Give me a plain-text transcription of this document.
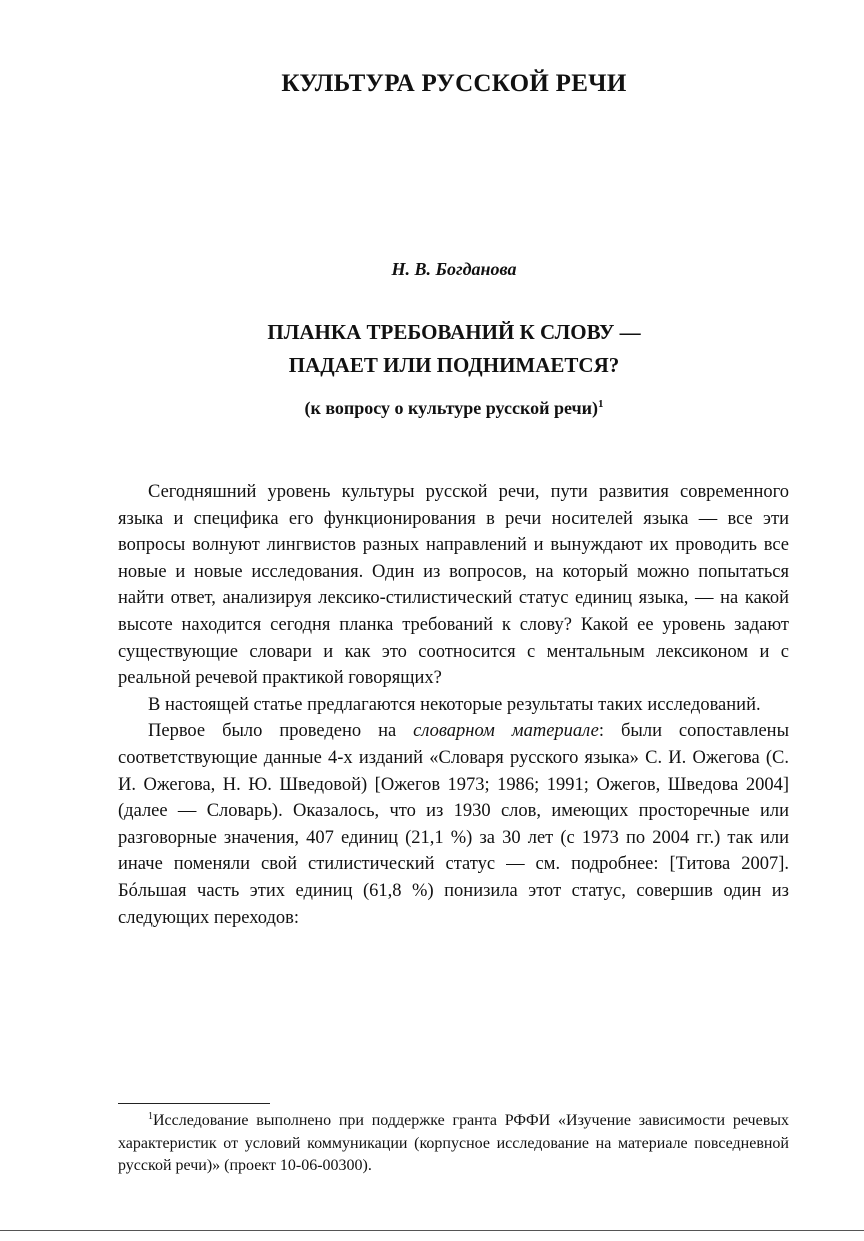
КУЛЬТУРА РУССКОЙ РЕЧИ
Н. В. Богданова
ПЛАНКА ТРЕБОВАНИЙ К СЛОВУ —
ПАДАЕТ ИЛИ ПОДНИМАЕТСЯ?
(к вопросу о культуре русской речи)$^1$

Сегодняшний уровень культуры русской речи, пути развития современного языка и специфика его функционирования в речи носителей языка — все эти вопросы волнуют лингвистов разных направлений и вынуждают их проводить все новые и новые исследования. Один из вопросов, на который можно попытаться найти ответ, анализируя лексико-стилистический статус единиц языка, — на какой высоте находится сегодня планка требований к слову? Какой ее уровень задают существующие словари и как это соотносится с ментальным лексиконом и с реальной речевой практикой говорящих?

В настоящей статье предлагаются некоторые результаты таких исследований.

Первое было проведено на словарном материале: были сопоставлены соответствующие данные 4-х изданий «Словаря русского языка» С. И. Ожегова (С. И. Ожегова, Н. Ю. Шведовой) [Ожегов 1973; 1986; 1991; Ожегов, Шведова 2004] (далее — Словарь). Оказалось, что из 1930 слов, имеющих просторечные или разговорные значения, 407 единиц (21,1 %) за 30 лет (с 1973 по 2004 гг.) так или иначе поменяли свой стилистический статус — см. подробнее: [Титова 2007]. Бóльшая часть этих единиц (61,8 %) понизила этот статус, совершив один из следующих переходов:

$^1$Исследование выполнено при поддержке гранта РФФИ «Изучение зависимости речевых характеристик от условий коммуникации (корпусное исследование на материале повседневной русской речи)» (проект 10-06-00300).
